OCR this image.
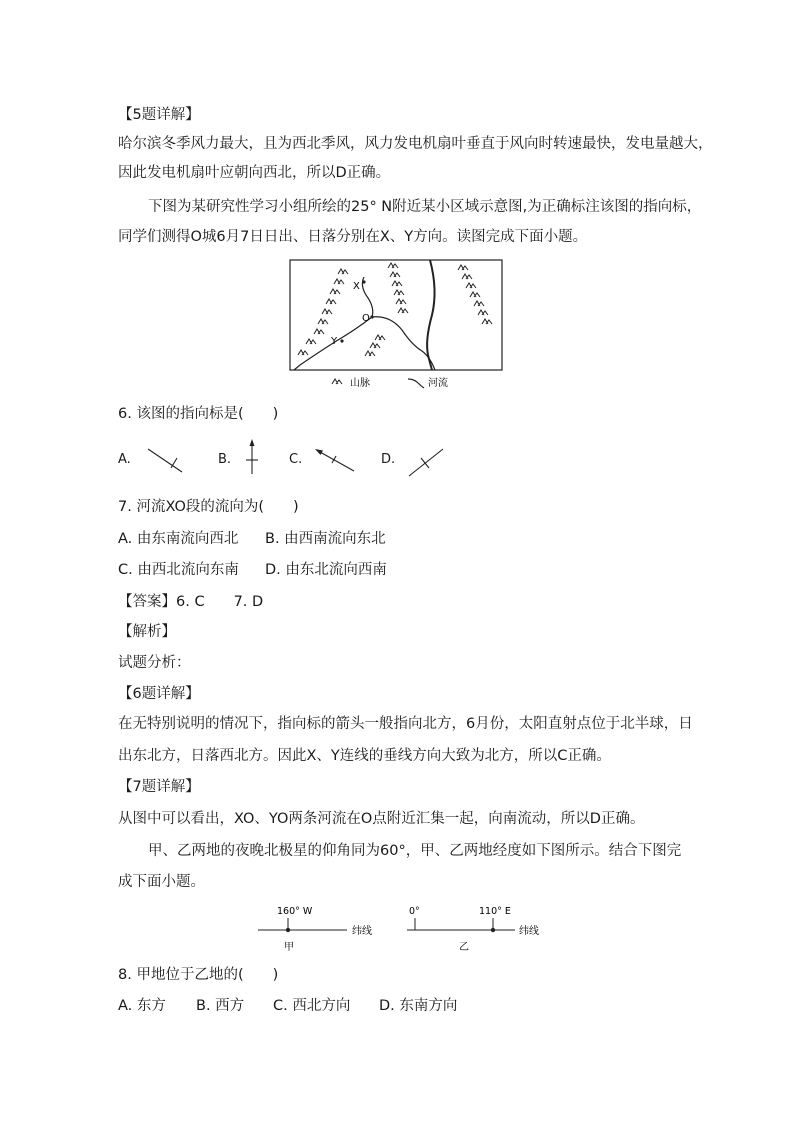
【5题详解】
哈尔滨冬季风力最大，且为西北季风，风力发电机扇叶垂直于风向时转速最快，发电量越大，
因此发电机扇叶应朝向西北，所以D正确。
下图为某研究性学习小组所绘的25° N附近某小区域示意图,为正确标注该图的指向标，
同学们测得O城6月7日日出、日落分别在X、Y方向。读图完成下面小题。
X
O
Y
山脉	河流
6. 该图的指向标是(　　)
A.	B.	C.	D.
7. 河流XO段的流向为(　　)
A. 由东南流向西北 B. 由西南流向东北
C. 由西北流向东南 D. 由东北流向西南
【答案】6. C　　7. D
【解析】
试题分析：
【6题详解】
在无特别说明的情况下，指向标的箭头一般指向北方，6月份，太阳直射点位于北半球，日
出东北方，日落西北方。因此X、Y连线的垂线方向大致为北方，所以C正确。
【7题详解】
从图中可以看出，XO、YO两条河流在O点附近汇集一起，向南流动，所以D正确。
甲、乙两地的夜晚北极星的仰角同为60°，甲、乙两地经度如下图所示。结合下图完
成下面小题。
160° W
甲
纬线
0°	110° E
乙
纬线
8. 甲地位于乙地的(　　)
A. 东方 B. 西方 C. 西北方向 D. 东南方向
